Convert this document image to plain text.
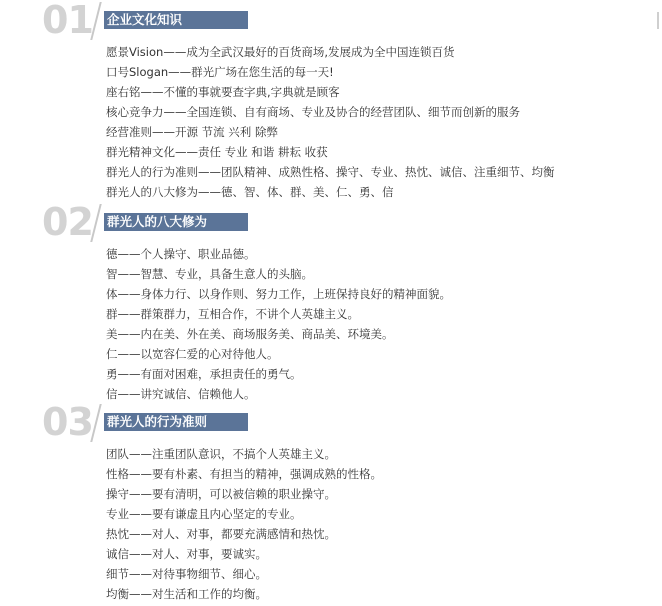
01 企业文化知识
愿景Vision——成为全武汉最好的百货商场,发展成为全中国连锁百货
口号Slogan——群光广场在您生活的每一天!
座右铭——不懂的事就要查字典,字典就是顾客
核心竞争力——全国连锁、自有商场、专业及协合的经营团队、细节而创新的服务
经营准则——开源 节流 兴利 除弊
群光精神文化——责任 专业 和谐 耕耘 收获
群光人的行为准则——团队精神、成熟性格、操守、专业、热忱、诚信、注重细节、均衡
群光人的八大修为——德、智、体、群、美、仁、勇、信
02 群光人的八大修为
德——个人操守、职业品德。
智——智慧、专业，具备生意人的头脑。
体——身体力行、以身作则、努力工作，上班保持良好的精神面貌。
群——群策群力，互相合作，不讲个人英雄主义。
美——内在美、外在美、商场服务美、商品美、环境美。
仁——以宽容仁爱的心对待他人。
勇——有面对困难，承担责任的勇气。
信——讲究诚信、信赖他人。
03 群光人的行为准则
团队——注重团队意识，不搞个人英雄主义。
性格——要有朴素、有担当的精神，强调成熟的性格。
操守——要有清明，可以被信赖的职业操守。
专业——要有谦虚且内心坚定的专业。
热忱——对人、对事，都要充满感情和热忱。
诚信——对人、对事，要诚实。
细节——对待事物细节、细心。
均衡——对生活和工作的均衡。
